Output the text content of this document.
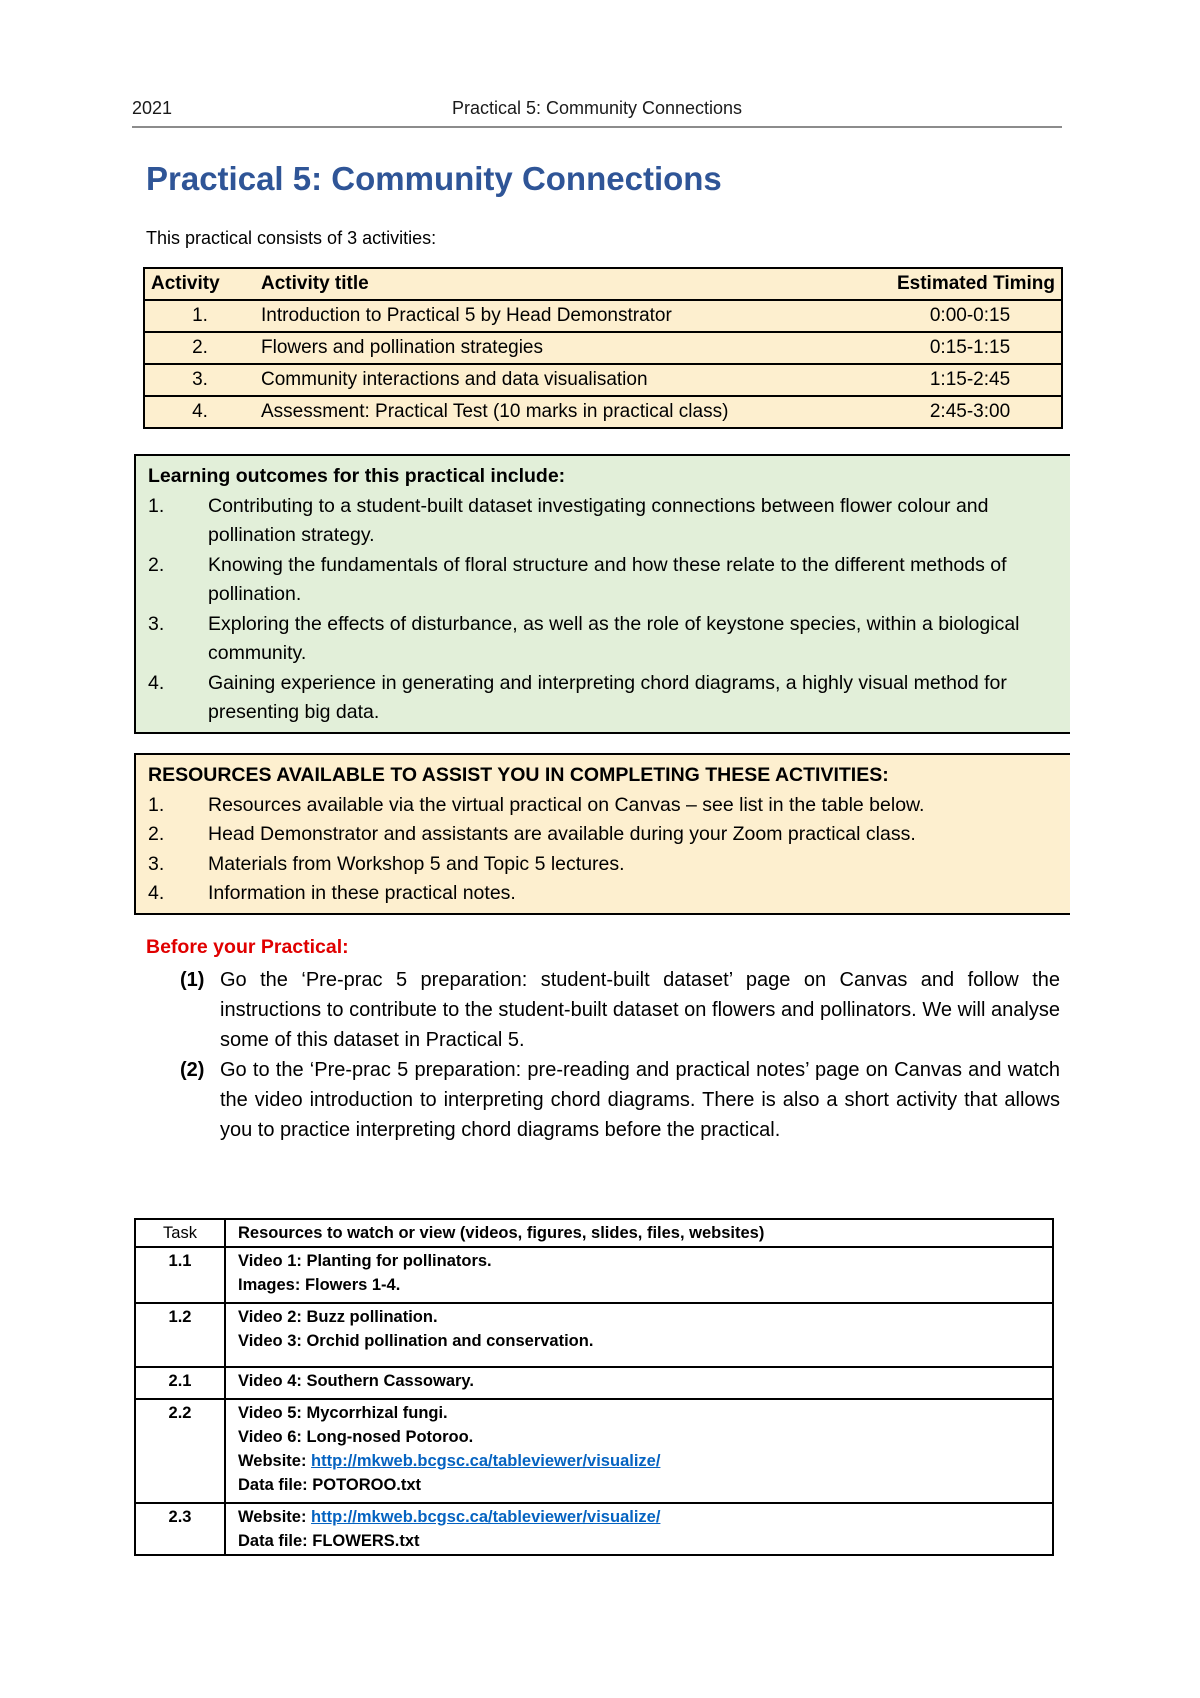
2021	Practical 5: Community Connections
Practical 5: Community Connections
This practical consists of 3 activities:
Activity	Activity title	Estimated Timing
1.	Introduction to Practical 5 by Head Demonstrator	0:00-0:15
2.	Flowers and pollination strategies	0:15-1:15
3.	Community interactions and data visualisation	1:15-2:45
4.	Assessment: Practical Test (10 marks in practical class)	2:45-3:00
Learning outcomes for this practical include:
1. Contributing to a student-built dataset investigating connections between flower colour and pollination strategy.
2. Knowing the fundamentals of floral structure and how these relate to the different methods of pollination.
3. Exploring the effects of disturbance, as well as the role of keystone species, within a biological community.
4. Gaining experience in generating and interpreting chord diagrams, a highly visual method for presenting big data.
RESOURCES AVAILABLE TO ASSIST YOU IN COMPLETING THESE ACTIVITIES:
1. Resources available via the virtual practical on Canvas – see list in the table below.
2. Head Demonstrator and assistants are available during your Zoom practical class.
3. Materials from Workshop 5 and Topic 5 lectures.
4. Information in these practical notes.
Before your Practical:
(1) Go the ‘Pre-prac 5 preparation: student-built dataset’ page on Canvas and follow the instructions to contribute to the student-built dataset on flowers and pollinators. We will analyse some of this dataset in Practical 5.
(2) Go to the ‘Pre-prac 5 preparation: pre-reading and practical notes’ page on Canvas and watch the video introduction to interpreting chord diagrams. There is also a short activity that allows you to practice interpreting chord diagrams before the practical.
Task	Resources to watch or view (videos, figures, slides, files, websites)
1.1	Video 1: Planting for pollinators.
Images: Flowers 1-4.

1.2	Video 2: Buzz pollination.
Video 3: Orchid pollination and conservation.

2.1	Video 4: Southern Cassowary.

2.2	Video 5: Mycorrhizal fungi.
Video 6: Long-nosed Potoroo.
Website: http://mkweb.bcgsc.ca/tableviewer/visualize/
Data file: POTOROO.txt

2.3	Website: http://mkweb.bcgsc.ca/tableviewer/visualize/
Data file: FLOWERS.txt
